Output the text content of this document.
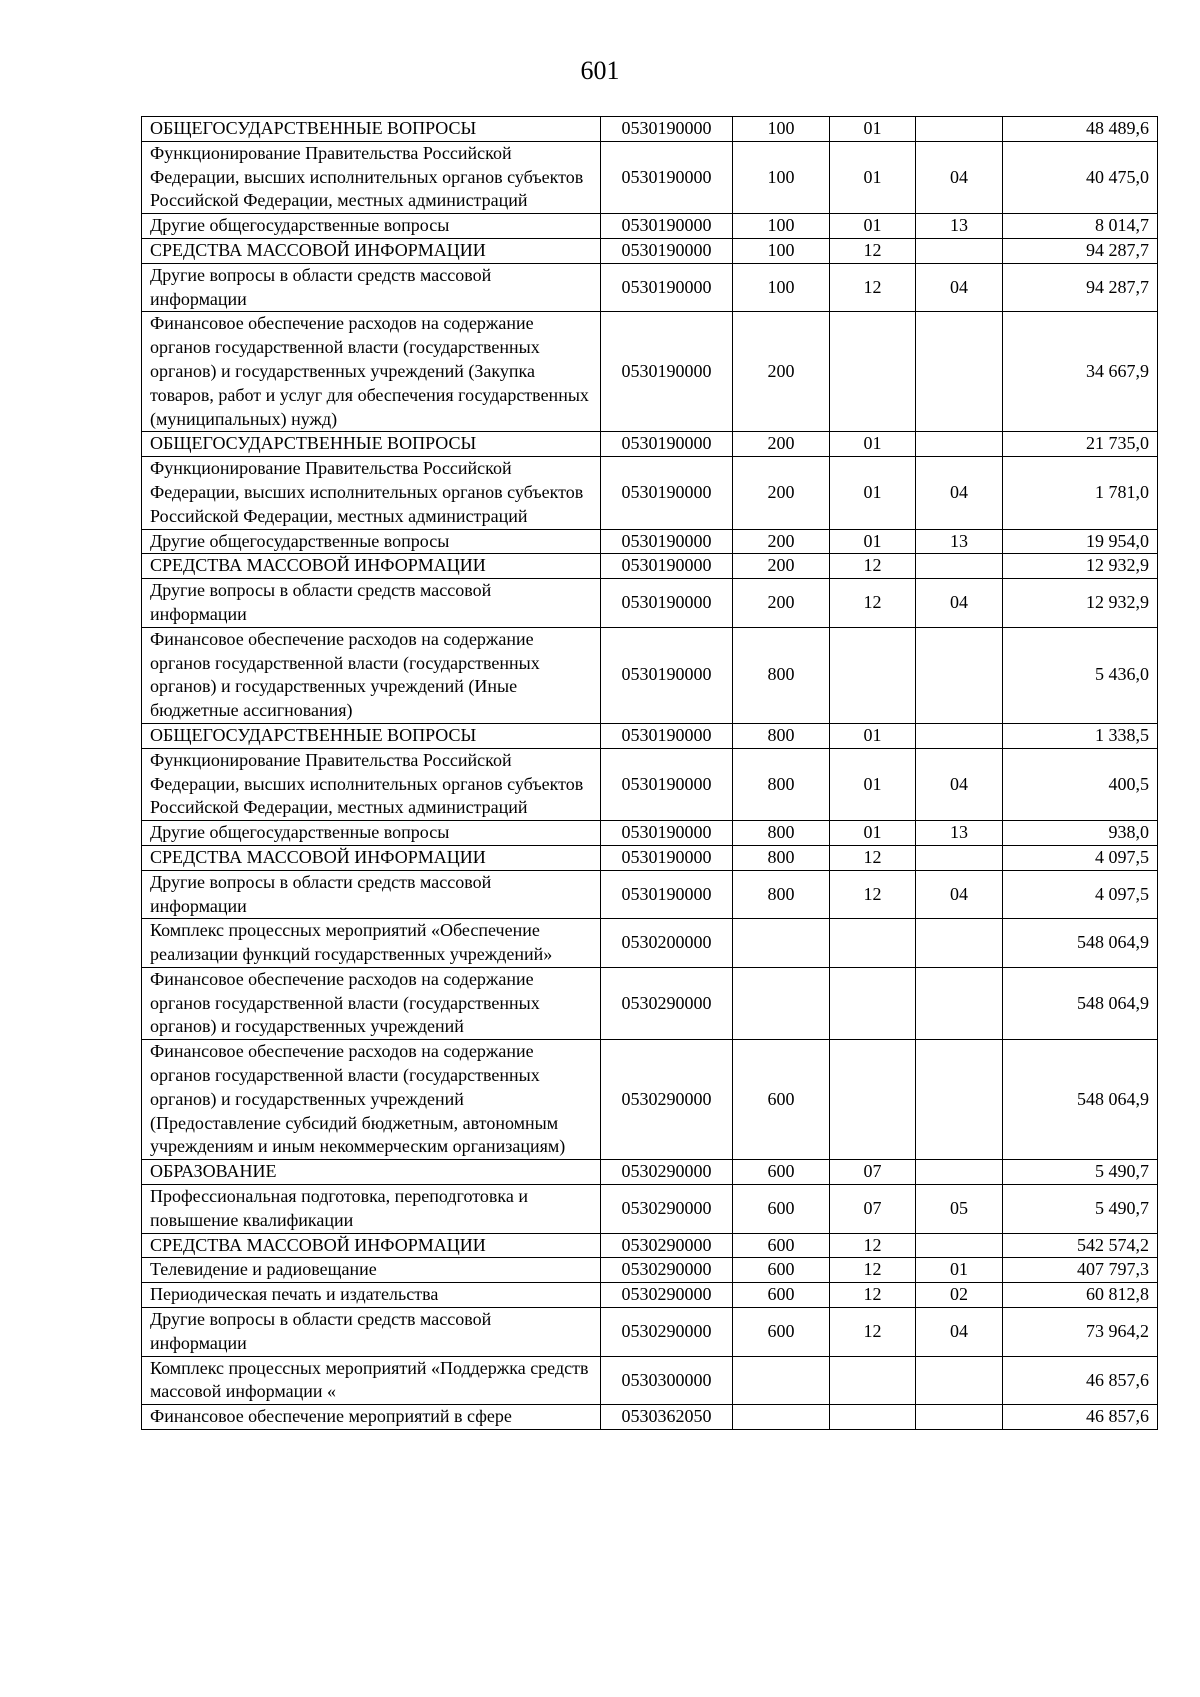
601
ОБЩЕГОСУДАРСТВЕННЫЕ ВОПРОСЫ	0530190000	100	01		48 489,6
Функционирование Правительства Российской Федерации, высших исполнительных органов субъектов Российской Федерации, местных администраций	0530190000	100	01	04	40 475,0
Другие общегосударственные вопросы	0530190000	100	01	13	8 014,7
СРЕДСТВА МАССОВОЙ ИНФОРМАЦИИ	0530190000	100	12		94 287,7
Другие вопросы в области средств массовой информации	0530190000	100	12	04	94 287,7
Финансовое обеспечение расходов на содержание органов государственной власти (государственных органов) и государственных учреждений (Закупка товаров, работ и услуг для обеспечения государственных (муниципальных) нужд)	0530190000	200			34 667,9
ОБЩЕГОСУДАРСТВЕННЫЕ ВОПРОСЫ	0530190000	200	01		21 735,0
Функционирование Правительства Российской Федерации, высших исполнительных органов субъектов Российской Федерации, местных администраций	0530190000	200	01	04	1 781,0
Другие общегосударственные вопросы	0530190000	200	01	13	19 954,0
СРЕДСТВА МАССОВОЙ ИНФОРМАЦИИ	0530190000	200	12		12 932,9
Другие вопросы в области средств массовой информации	0530190000	200	12	04	12 932,9
Финансовое обеспечение расходов на содержание органов государственной власти (государственных органов) и государственных учреждений (Иные бюджетные ассигнования)	0530190000	800			5 436,0
ОБЩЕГОСУДАРСТВЕННЫЕ ВОПРОСЫ	0530190000	800	01		1 338,5
Функционирование Правительства Российской Федерации, высших исполнительных органов субъектов Российской Федерации, местных администраций	0530190000	800	01	04	400,5
Другие общегосударственные вопросы	0530190000	800	01	13	938,0
СРЕДСТВА МАССОВОЙ ИНФОРМАЦИИ	0530190000	800	12		4 097,5
Другие вопросы в области средств массовой информации	0530190000	800	12	04	4 097,5
Комплекс процессных мероприятий «Обеспечение реализации функций государственных учреждений»	0530200000				548 064,9
Финансовое обеспечение расходов на содержание органов государственной власти (государственных органов) и государственных учреждений	0530290000				548 064,9
Финансовое обеспечение расходов на содержание органов государственной власти (государственных органов) и государственных учреждений (Предоставление субсидий бюджетным, автономным учреждениям и иным некоммерческим организациям)	0530290000	600			548 064,9
ОБРАЗОВАНИЕ	0530290000	600	07		5 490,7
Профессиональная подготовка, переподготовка и повышение квалификации	0530290000	600	07	05	5 490,7
СРЕДСТВА МАССОВОЙ ИНФОРМАЦИИ	0530290000	600	12		542 574,2
Телевидение и радиовещание	0530290000	600	12	01	407 797,3
Периодическая печать и издательства	0530290000	600	12	02	60 812,8
Другие вопросы в области средств массовой информации	0530290000	600	12	04	73 964,2
Комплекс процессных мероприятий «Поддержка средств массовой информации «	0530300000				46 857,6
Финансовое обеспечение мероприятий в сфере	0530362050				46 857,6
